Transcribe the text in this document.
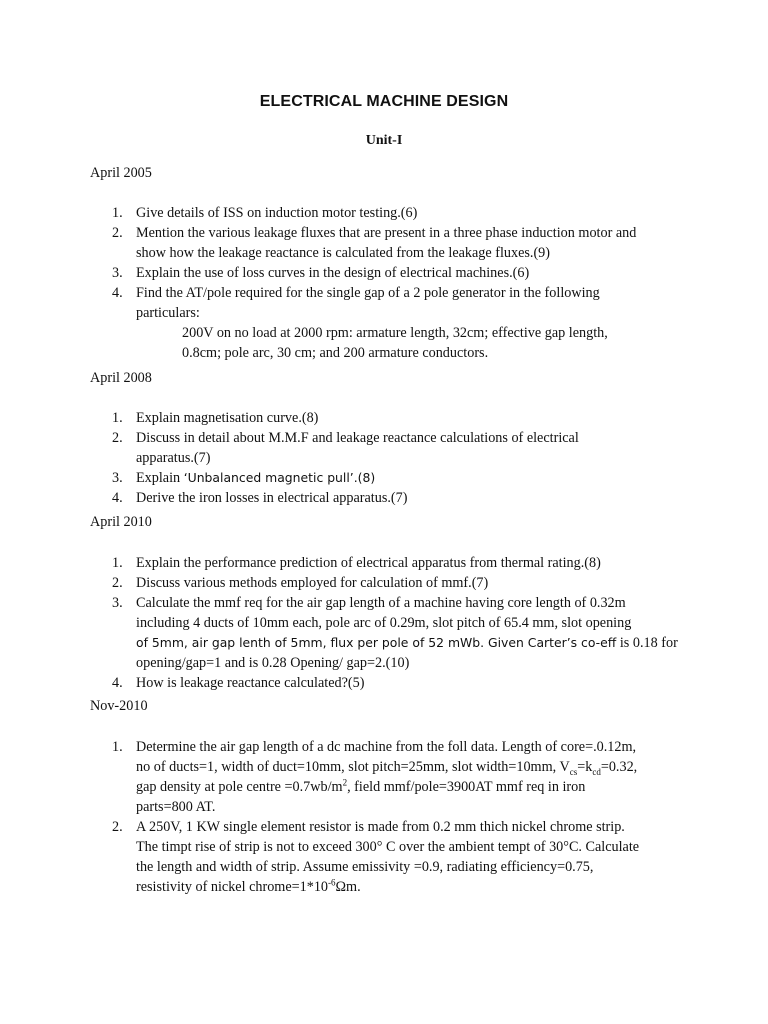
ELECTRICAL MACHINE DESIGN
Unit-I

April 2005

1. Give details of ISS on induction motor testing.(6)
2. Mention the various leakage fluxes that are present in a three phase induction motor and
show how the leakage reactance is calculated from the leakage fluxes.(9)
3. Explain the use of loss curves in the design of electrical machines.(6)
4. Find the AT/pole required for the single gap of a 2 pole generator in the following
particulars:
200V on no load at 2000 rpm: armature length, 32cm; effective gap length,
0.8cm; pole arc, 30 cm; and 200 armature conductors.

April 2008

1. Explain magnetisation curve.(8)
2. Discuss in detail about M.M.F and leakage reactance calculations of electrical
apparatus.(7)
3. Explain ‘Unbalanced magnetic pull’.(8)
4. Derive the iron losses in electrical apparatus.(7)

April 2010

1. Explain the performance prediction of electrical apparatus from thermal rating.(8)
2. Discuss various methods employed for calculation of mmf.(7)
3. Calculate the mmf req for the air gap length of a machine having core length of 0.32m
including 4 ducts of 10mm each, pole arc of 0.29m, slot pitch of 65.4 mm, slot opening
of 5mm, air gap lenth of 5mm, flux per pole of 52 mWb. Given Carter’s co-eff is 0.18 for
opening/gap=1 and is 0.28 Opening/ gap=2.(10)
4. How is leakage reactance calculated?(5)

Nov-2010

1. Determine the air gap length of a dc machine from the foll data. Length of core=.0.12m,
no of ducts=1, width of duct=10mm, slot pitch=25mm, slot width=10mm, $V_{cs}=k_{cd}=0.32$,
gap density at pole centre $=0.7wb/m^2$, field mmf/pole=3900AT mmf req in iron
parts=800 AT.
2. A 250V, 1 KW single element resistor is made from 0.2 mm thich nickel chrome strip.
The timpt rise of strip is not to exceed 300° C over the ambient tempt of 30°C. Calculate
the length and width of strip. Assume emissivity =0.9, radiating efficiency=0.75,
resistivity of nickel $chrome=1*10^{-6}\Omega m$.
